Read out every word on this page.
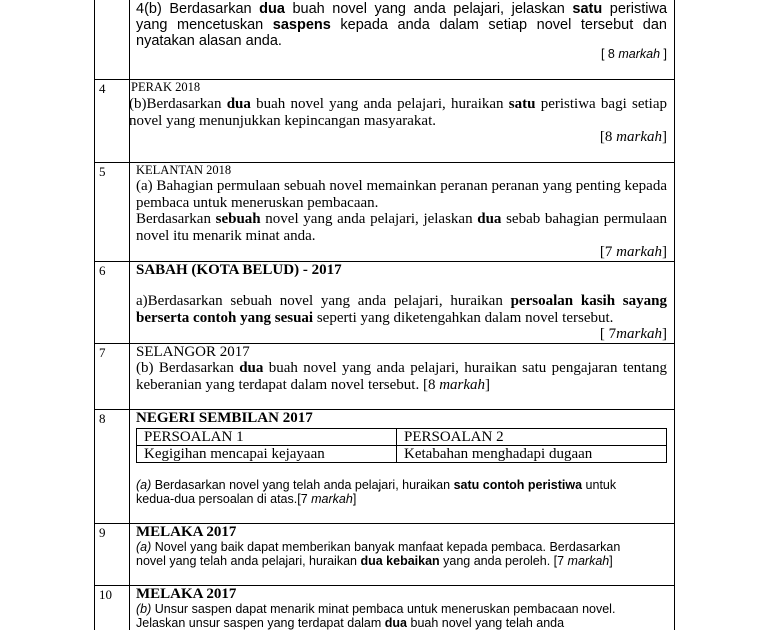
4(b) Berdasarkan dua buah novel yang anda pelajari, jelaskan satu peristiwa yang mencetuskan saspens kepada anda dalam setiap novel tersebut dan nyatakan alasan anda.
[ 8 markah ]
4	PERAK 2018
(b)Berdasarkan dua buah novel yang anda pelajari, huraikan satu peristiwa bagi setiap novel yang menunjukkan kepincangan masyarakat.
[8 markah]
5	KELANTAN 2018
(a) Bahagian permulaan sebuah novel memainkan peranan peranan yang penting kepada pembaca untuk meneruskan pembacaan.
Berdasarkan sebuah novel yang anda pelajari, jelaskan dua sebab bahagian permulaan novel itu menarik minat anda.
[7 markah]
6	SABAH (KOTA BELUD) - 2017
a)Berdasarkan sebuah novel yang anda pelajari, huraikan persoalan kasih sayang berserta contoh yang sesuai seperti yang diketengahkan dalam novel tersebut.
[ 7markah]
7	SELANGOR 2017
(b) Berdasarkan dua buah novel yang anda pelajari, huraikan satu pengajaran tentang keberanian yang terdapat dalam novel tersebut. [8 markah]
8	NEGERI SEMBILAN 2017
PERSOALAN 1	PERSOALAN 2
Kegigihan mencapai kejayaan	Ketabahan menghadapi dugaan
(a) Berdasarkan novel yang telah anda pelajari, huraikan satu contoh peristiwa untuk kedua-dua persoalan di atas.[7 markah]
9	MELAKA 2017
(a) Novel yang baik dapat memberikan banyak manfaat kepada pembaca. Berdasarkan novel yang telah anda pelajari, huraikan dua kebaikan yang anda peroleh. [7 markah]
10	MELAKA 2017
(b) Unsur saspen dapat menarik minat pembaca untuk meneruskan pembacaan novel. Jelaskan unsur saspen yang terdapat dalam dua buah novel yang telah anda
